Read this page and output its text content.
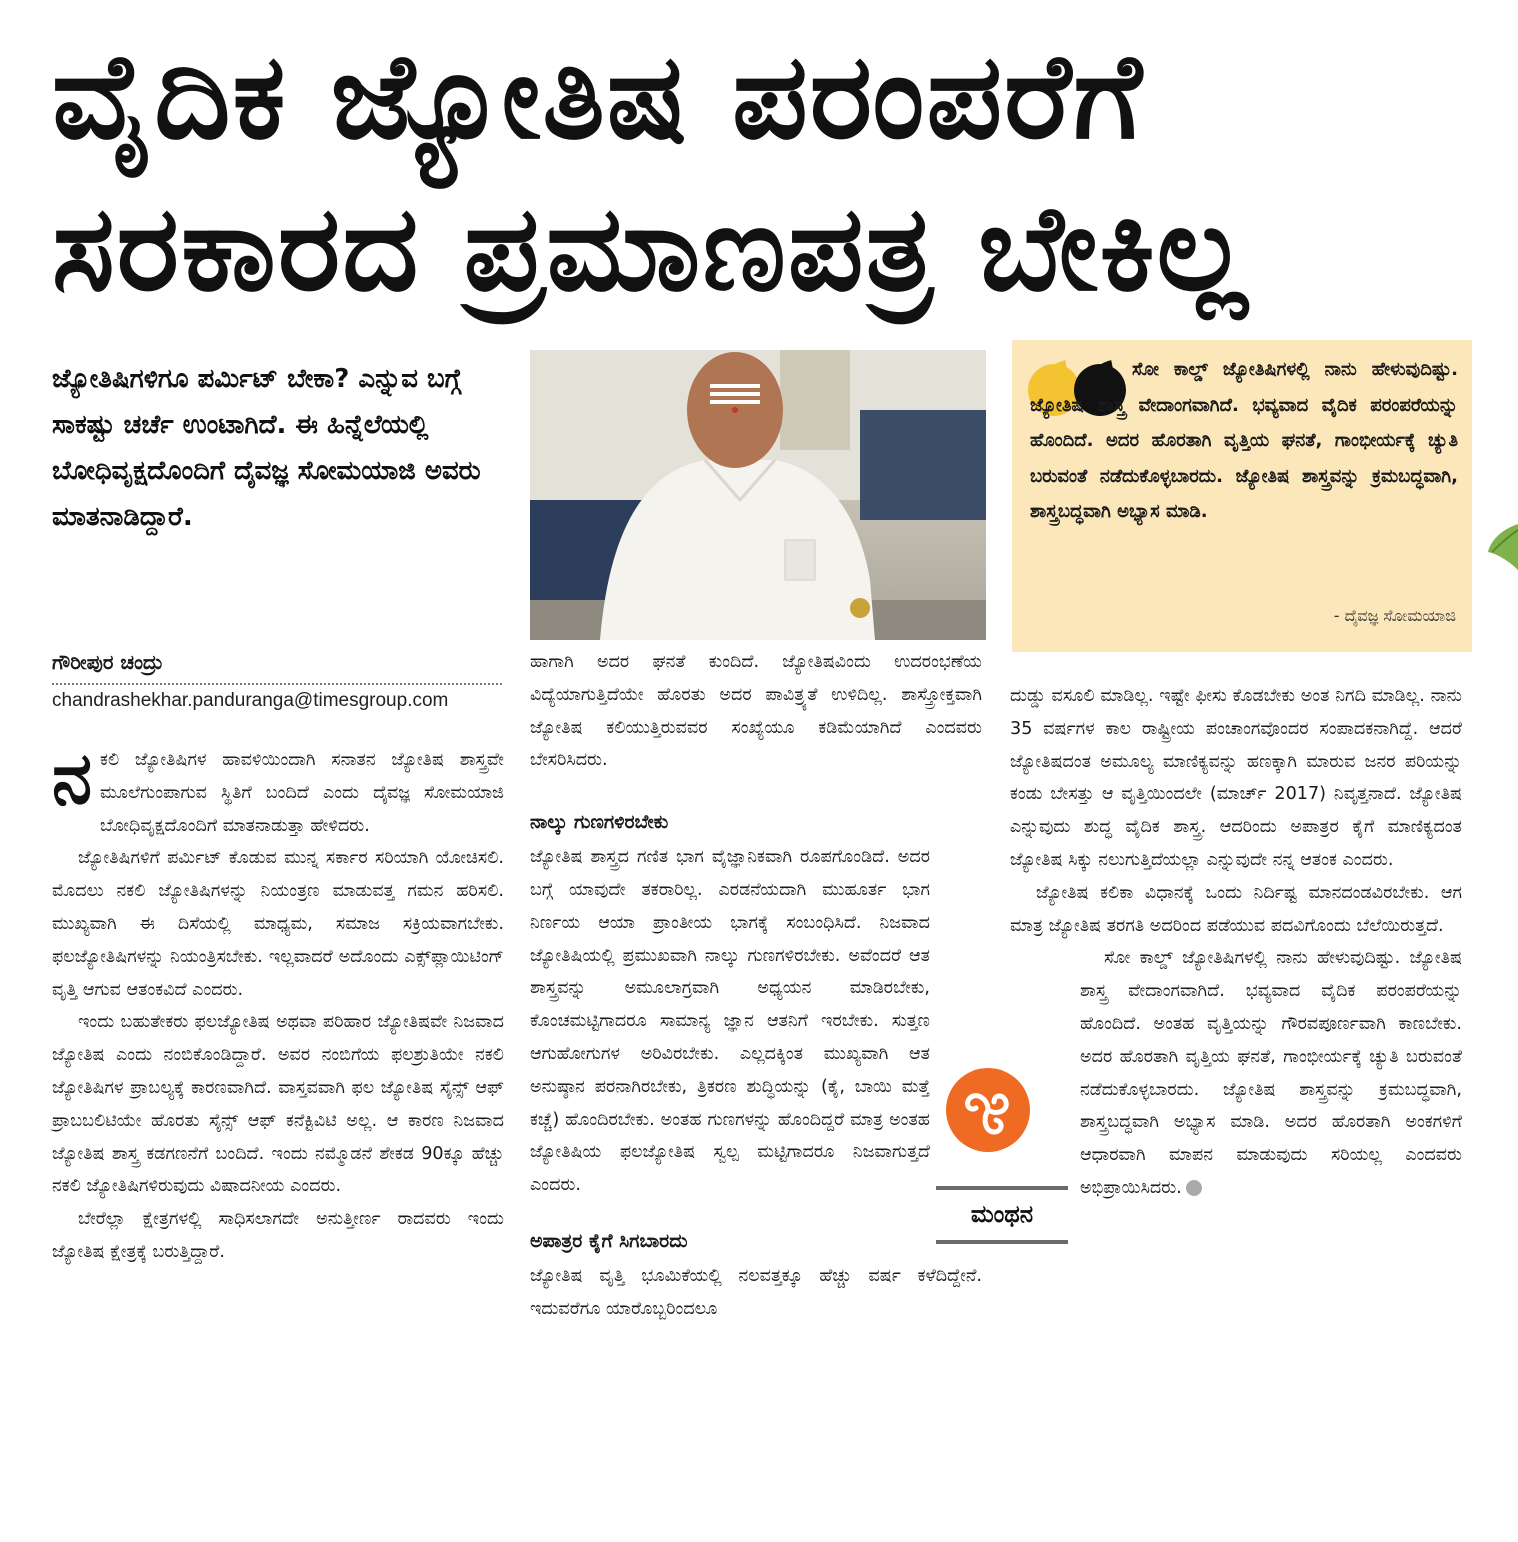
ವೈದಿಕ ಜ್ಯೋತಿಷ ಪರಂಪರೆಗೆ
ಸರಕಾರದ ಪ್ರಮಾಣಪತ್ರ ಬೇಕಿಲ್ಲ
ಜ್ಯೋತಿಷಿಗಳಿಗೂ ಪರ್ಮಿಟ್ ಬೇಕಾ? ಎನ್ನುವ ಬಗ್ಗೆ ಸಾಕಷ್ಟು ಚರ್ಚೆ ಉಂಟಾಗಿದೆ. ಈ ಹಿನ್ನೆಲೆಯಲ್ಲಿ ಬೋಧಿವೃಕ್ಷದೊಂದಿಗೆ ದೈವಜ್ಞ ಸೋಮಯಾಜಿ ಅವರು ಮಾತನಾಡಿದ್ದಾರೆ.
ಗೌರೀಪುರ ಚಂದ್ರು
chandrashekhar.panduranga@timesgroup.com

ನಕಲಿ ಜ್ಯೋತಿಷಿಗಳ ಹಾವಳಿಯಿಂದಾಗಿ ಸನಾತನ ಜ್ಯೋತಿಷ ಶಾಸ್ತ್ರವೇ ಮೂಲೆಗುಂಪಾಗುವ ಸ್ಥಿತಿಗೆ ಬಂದಿದೆ ಎಂದು ದೈವಜ್ಞ ಸೋಮಯಾಜಿ ಬೋಧಿವೃಕ್ಷದೊಂದಿಗೆ ಮಾತನಾಡುತ್ತಾ ಹೇಳಿದರು.

ಜ್ಯೋತಿಷಿಗಳಿಗೆ ಪರ್ಮಿಟ್ ಕೊಡುವ ಮುನ್ನ ಸರ್ಕಾರ ಸರಿಯಾಗಿ ಯೋಚಿಸಲಿ. ಮೊದಲು ನಕಲಿ ಜ್ಯೋತಿಷಿಗಳನ್ನು ನಿಯಂತ್ರಣ ಮಾಡುವತ್ತ ಗಮನ ಹರಿಸಲಿ. ಮುಖ್ಯವಾಗಿ ಈ ದಿಸೆಯಲ್ಲಿ ಮಾಧ್ಯಮ, ಸಮಾಜ ಸಕ್ರಿಯವಾಗಬೇಕು. ಫಲಜ್ಯೋತಿಷಿಗಳನ್ನು ನಿಯಂತ್ರಿಸಬೇಕು. ಇಲ್ಲವಾದರೆ ಅದೊಂದು ಎಕ್ಸ್‌ಪ್ಲಾಯಿಟಿಂಗ್ ವೃತ್ತಿ ಆಗುವ ಆತಂಕವಿದೆ ಎಂದರು.

ಇಂದು ಬಹುತೇಕರು ಫಲಜ್ಯೋತಿಷ ಅಥವಾ ಪರಿಹಾರ ಜ್ಯೋತಿಷವೇ ನಿಜವಾದ ಜ್ಯೋತಿಷ ಎಂದು ನಂಬಿಕೊಂಡಿದ್ದಾರೆ. ಅವರ ನಂಬಿಗೆಯ ಫಲಶ್ರುತಿಯೇ ನಕಲಿ ಜ್ಯೋತಿಷಿಗಳ ಪ್ರಾಬಲ್ಯಕ್ಕೆ ಕಾರಣವಾಗಿದೆ. ವಾಸ್ತವವಾಗಿ ಫಲ ಜ್ಯೋತಿಷ ಸೈನ್ಸ್ ಆಫ್ ಪ್ರಾಬಬಲಿಟಿಯೇ ಹೊರತು ಸೈನ್ಸ್ ಆಫ್ ಕನೆಕ್ಟಿವಿಟಿ ಅಲ್ಲ. ಆ ಕಾರಣ ನಿಜವಾದ ಜ್ಯೋತಿಷ ಶಾಸ್ತ್ರ ಕಡಗಣನೆಗೆ ಬಂದಿದೆ. ಇಂದು ನಮ್ಮೊಡನೆ ಶೇಕಡ 90ಕ್ಕೂ ಹೆಚ್ಚು ನಕಲಿ ಜ್ಯೋತಿಷಿಗಳಿರುವುದು ವಿಷಾದನೀಯ ಎಂದರು.

ಬೇರೆಲ್ಲಾ ಕ್ಷೇತ್ರಗಳಲ್ಲಿ ಸಾಧಿಸಲಾಗದೇ ಅನುತ್ತೀರ್ಣ ರಾದವರು ಇಂದು ಜ್ಯೋತಿಷ ಕ್ಷೇತ್ರಕ್ಕೆ ಬರುತ್ತಿದ್ದಾರೆ.

ಹಾಗಾಗಿ ಅದರ ಘನತೆ ಕುಂದಿದೆ. ಜ್ಯೋತಿಷವಿಂದು ಉದರಂಭಣೆಯ ವಿದ್ಯೆಯಾಗುತ್ತಿದೆಯೇ ಹೊರತು ಅದರ ಪಾವಿತ್ರ್ಯತೆ ಉಳಿದಿಲ್ಲ. ಶಾಸ್ತ್ರೋಕ್ತವಾಗಿ ಜ್ಯೋತಿಷ ಕಲಿಯುತ್ತಿರುವವರ ಸಂಖ್ಯೆಯೂ ಕಡಿಮೆಯಾಗಿದೆ ಎಂದವರು ಬೇಸರಿಸಿದರು.

ನಾಲ್ಕು ಗುಣಗಳಿರಬೇಕು

ಜ್ಯೋತಿಷ ಶಾಸ್ತ್ರದ ಗಣಿತ ಭಾಗ ವೈಜ್ಞಾನಿಕವಾಗಿ ರೂಪಗೊಂಡಿದೆ. ಅದರ ಬಗ್ಗೆ ಯಾವುದೇ ತಕರಾರಿಲ್ಲ. ಎರಡನೆಯದಾಗಿ ಮುಹೂರ್ತ ಭಾಗ ನಿರ್ಣಯ ಆಯಾ ಪ್ರಾಂತೀಯ ಭಾಗಕ್ಕೆ ಸಂಬಂಧಿಸಿದೆ. ನಿಜವಾದ ಜ್ಯೋತಿಷಿಯಲ್ಲಿ ಪ್ರಮುಖವಾಗಿ ನಾಲ್ಕು ಗುಣಗಳಿರಬೇಕು. ಅವೆಂದರೆ ಆತ ಶಾಸ್ತ್ರವನ್ನು ಅಮೂಲಾಗ್ರವಾಗಿ ಅಧ್ಯಯನ ಮಾಡಿರಬೇಕು, ಕೊಂಚಮಟ್ಟಿಗಾದರೂ ಸಾಮಾನ್ಯ ಜ್ಞಾನ ಆತನಿಗೆ ಇರಬೇಕು. ಸುತ್ತಣ ಆಗುಹೋಗುಗಳ ಅರಿವಿರಬೇಕು. ಎಲ್ಲದಕ್ಕಿಂತ ಮುಖ್ಯವಾಗಿ ಆತ ಅನುಷ್ಠಾನ ಪರನಾಗಿರಬೇಕು, ತ್ರಿಕರಣ ಶುದ್ಧಿಯನ್ನು (ಕೈ, ಬಾಯಿ ಮತ್ತೆ ಕಚ್ಚೆ) ಹೊಂದಿರಬೇಕು. ಅಂತಹ ಗುಣಗಳನ್ನು ಹೊಂದಿದ್ದರೆ ಮಾತ್ರ ಅಂತಹ ಜ್ಯೋತಿಷಿಯ ಫಲಜ್ಯೋತಿಷ ಸ್ವಲ್ಪ ಮಟ್ಟಿಗಾದರೂ ನಿಜವಾಗುತ್ತದೆ ಎಂದರು.

ಅಪಾತ್ರರ ಕೈಗೆ ಸಿಗಬಾರದು

ಜ್ಯೋತಿಷ ವೃತ್ತಿ ಭೂಮಿಕೆಯಲ್ಲಿ ನಲವತ್ತಕ್ಕೂ ಹೆಚ್ಚು ವರ್ಷ ಕಳೆದಿದ್ದೇನೆ. ಇದುವರೆಗೂ ಯಾರೊಬ್ಬರಿಂದಲೂ

ಸೋ ಕಾಲ್ಡ್ ಜ್ಯೋತಿಷಿಗಳಲ್ಲಿ ನಾನು ಹೇಳುವುದಿಷ್ಟು. ಜ್ಯೋತಿಷ ಶಾಸ್ತ್ರ ವೇದಾಂಗವಾಗಿದೆ. ಭವ್ಯವಾದ ವೈದಿಕ ಪರಂಪರೆಯನ್ನು ಹೊಂದಿದೆ. ಅದರ ಹೊರತಾಗಿ ವೃತ್ತಿಯ ಘನತೆ, ಗಾಂಭೀರ್ಯಕ್ಕೆ ಚ್ಯುತಿ ಬರುವಂತೆ ನಡೆದುಕೊಳ್ಳಬಾರದು. ಜ್ಯೋತಿಷ ಶಾಸ್ತ್ರವನ್ನು ಕ್ರಮಬದ್ಧವಾಗಿ, ಶಾಸ್ತ್ರಬದ್ಧವಾಗಿ ಅಭ್ಯಾಸ ಮಾಡಿ.
- ದೈವಜ್ಞ ಸೋಮಯಾಜಿ

ದುಡ್ಡು ವಸೂಲಿ ಮಾಡಿಲ್ಲ. ಇಷ್ಟೇ ಫೀಸು ಕೊಡಬೇಕು ಅಂತ ನಿಗದಿ ಮಾಡಿಲ್ಲ. ನಾನು 35 ವರ್ಷಗಳ ಕಾಲ ರಾಷ್ಟ್ರೀಯ ಪಂಚಾಂಗವೊಂದರ ಸಂಪಾದಕನಾಗಿದ್ದೆ. ಆದರೆ ಜ್ಯೋತಿಷದಂತ ಅಮೂಲ್ಯ ಮಾಣಿಕ್ಯವನ್ನು ಹಣಕ್ಕಾಗಿ ಮಾರುವ ಜನರ ಪರಿಯನ್ನು ಕಂಡು ಬೇಸತ್ತು ಆ ವೃತ್ತಿಯಿಂದಲೇ (ಮಾರ್ಚ್ 2017) ನಿವೃತ್ತನಾದೆ. ಜ್ಯೋತಿಷ ಎನ್ನುವುದು ಶುದ್ಧ ವೈದಿಕ ಶಾಸ್ತ್ರ. ಆದರಿಂದು ಅಪಾತ್ರರ ಕೈಗೆ ಮಾಣಿಕ್ಯದಂತ ಜ್ಯೋತಿಷ ಸಿಕ್ಕು ನಲುಗುತ್ತಿದೆಯಲ್ಲಾ ಎನ್ನುವುದೇ ನನ್ನ ಆತಂಕ ಎಂದರು.

ಜ್ಯೋತಿಷ ಕಲಿಕಾ ವಿಧಾನಕ್ಕೆ ಒಂದು ನಿರ್ದಿಷ್ಟ ಮಾನದಂಡವಿರಬೇಕು. ಆಗ ಮಾತ್ರ ಜ್ಯೋತಿಷ ತರಗತಿ ಅದರಿಂದ ಪಡೆಯುವ ಪದವಿಗೊಂದು ಬೆಲೆಯಿರುತ್ತದೆ.

ಸೋ ಕಾಲ್ಡ್ ಜ್ಯೋತಿಷಿಗಳಲ್ಲಿ ನಾನು ಹೇಳುವುದಿಷ್ಟು. ಜ್ಯೋತಿಷ ಶಾಸ್ತ್ರ ವೇದಾಂಗವಾಗಿದೆ. ಭವ್ಯವಾದ ವೈದಿಕ ಪರಂಪರೆಯನ್ನು ಹೊಂದಿದೆ. ಅಂತಹ ವೃತ್ತಿಯನ್ನು ಗೌರವಪೂರ್ಣವಾಗಿ ಕಾಣಬೇಕು. ಅದರ ಹೊರತಾಗಿ ವೃತ್ತಿಯ ಘನತೆ, ಗಾಂಭೀರ್ಯಕ್ಕೆ ಚ್ಯುತಿ ಬರುವಂತೆ ನಡೆದುಕೊಳ್ಳಬಾರದು. ಜ್ಯೋತಿಷ ಶಾಸ್ತ್ರವನ್ನು ಕ್ರಮಬದ್ಧವಾಗಿ, ಶಾಸ್ತ್ರಬದ್ಧವಾಗಿ ಅಭ್ಯಾಸ ಮಾಡಿ. ಅದರ ಹೊರತಾಗಿ ಅಂಕಗಳಿಗೆ ಆಧಾರವಾಗಿ ಮಾಪನ ಮಾಡುವುದು ಸರಿಯಲ್ಲ ಎಂದವರು ಅಭಿಪ್ರಾಯಿಸಿದರು.

ಮಂಥನ
